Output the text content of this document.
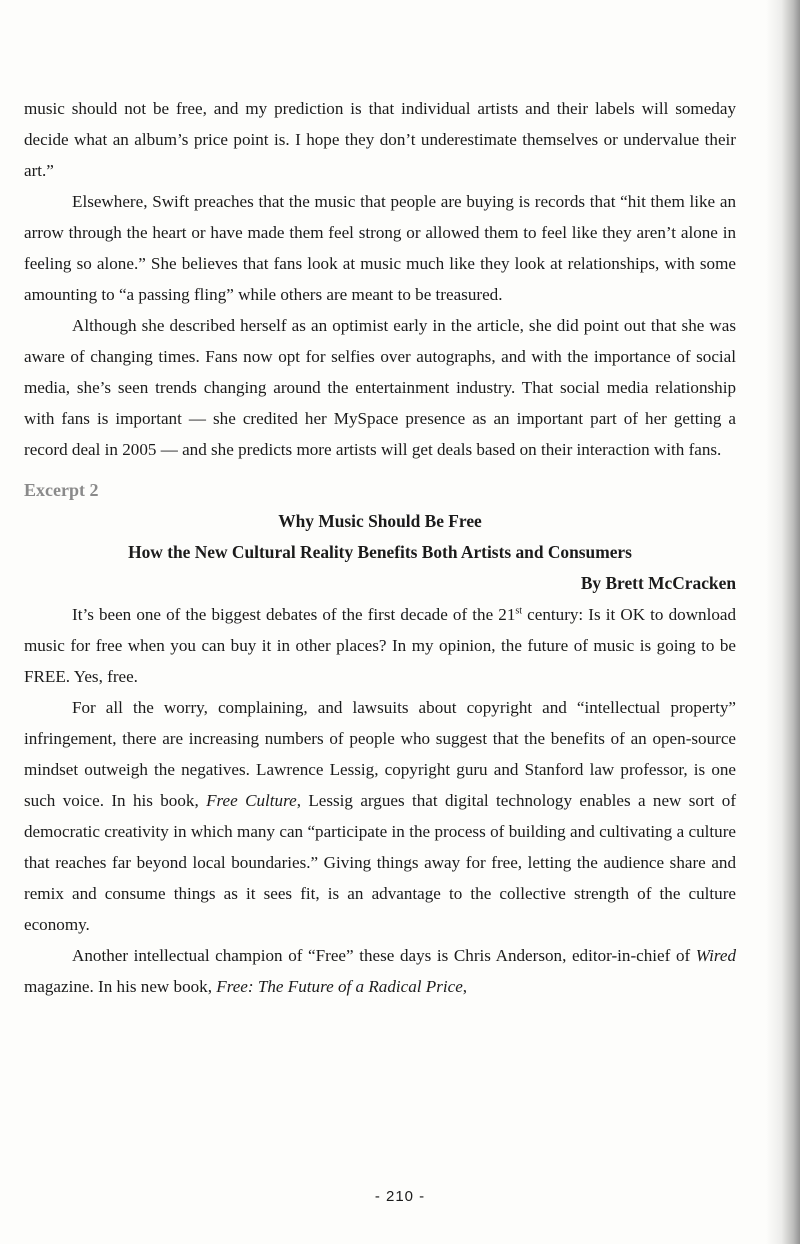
music should not be free, and my prediction is that individual artists and their labels will someday decide what an album’s price point is. I hope they don’t underestimate themselves or undervalue their art.”

Elsewhere, Swift preaches that the music that people are buying is records that “hit them like an arrow through the heart or have made them feel strong or allowed them to feel like they aren’t alone in feeling so alone.” She believes that fans look at music much like they look at relationships, with some amounting to “a passing fling” while others are meant to be treasured.

Although she described herself as an optimist early in the article, she did point out that she was aware of changing times. Fans now opt for selfies over autographs, and with the importance of social media, she’s seen trends changing around the entertainment industry. That social media relationship with fans is important — she credited her MySpace presence as an important part of her getting a record deal in 2005 — and she predicts more artists will get deals based on their interaction with fans.

Excerpt 2
Why Music Should Be Free
How the New Cultural Reality Benefits Both Artists and Consumers
By Brett McCracken

It’s been one of the biggest debates of the first decade of the 21st century: Is it OK to download music for free when you can buy it in other places? In my opinion, the future of music is going to be FREE. Yes, free.

For all the worry, complaining, and lawsuits about copyright and “intellectual property” infringement, there are increasing numbers of people who suggest that the benefits of an open-source mindset outweigh the negatives. Lawrence Lessig, copyright guru and Stanford law professor, is one such voice. In his book, Free Culture, Lessig argues that digital technology enables a new sort of democratic creativity in which many can “participate in the process of building and cultivating a culture that reaches far beyond local boundaries.” Giving things away for free, letting the audience share and remix and consume things as it sees fit, is an advantage to the collective strength of the culture economy.

Another intellectual champion of “Free” these days is Chris Anderson, editor-in-chief of Wired magazine. In his new book, Free: The Future of a Radical Price,

- 210 -
